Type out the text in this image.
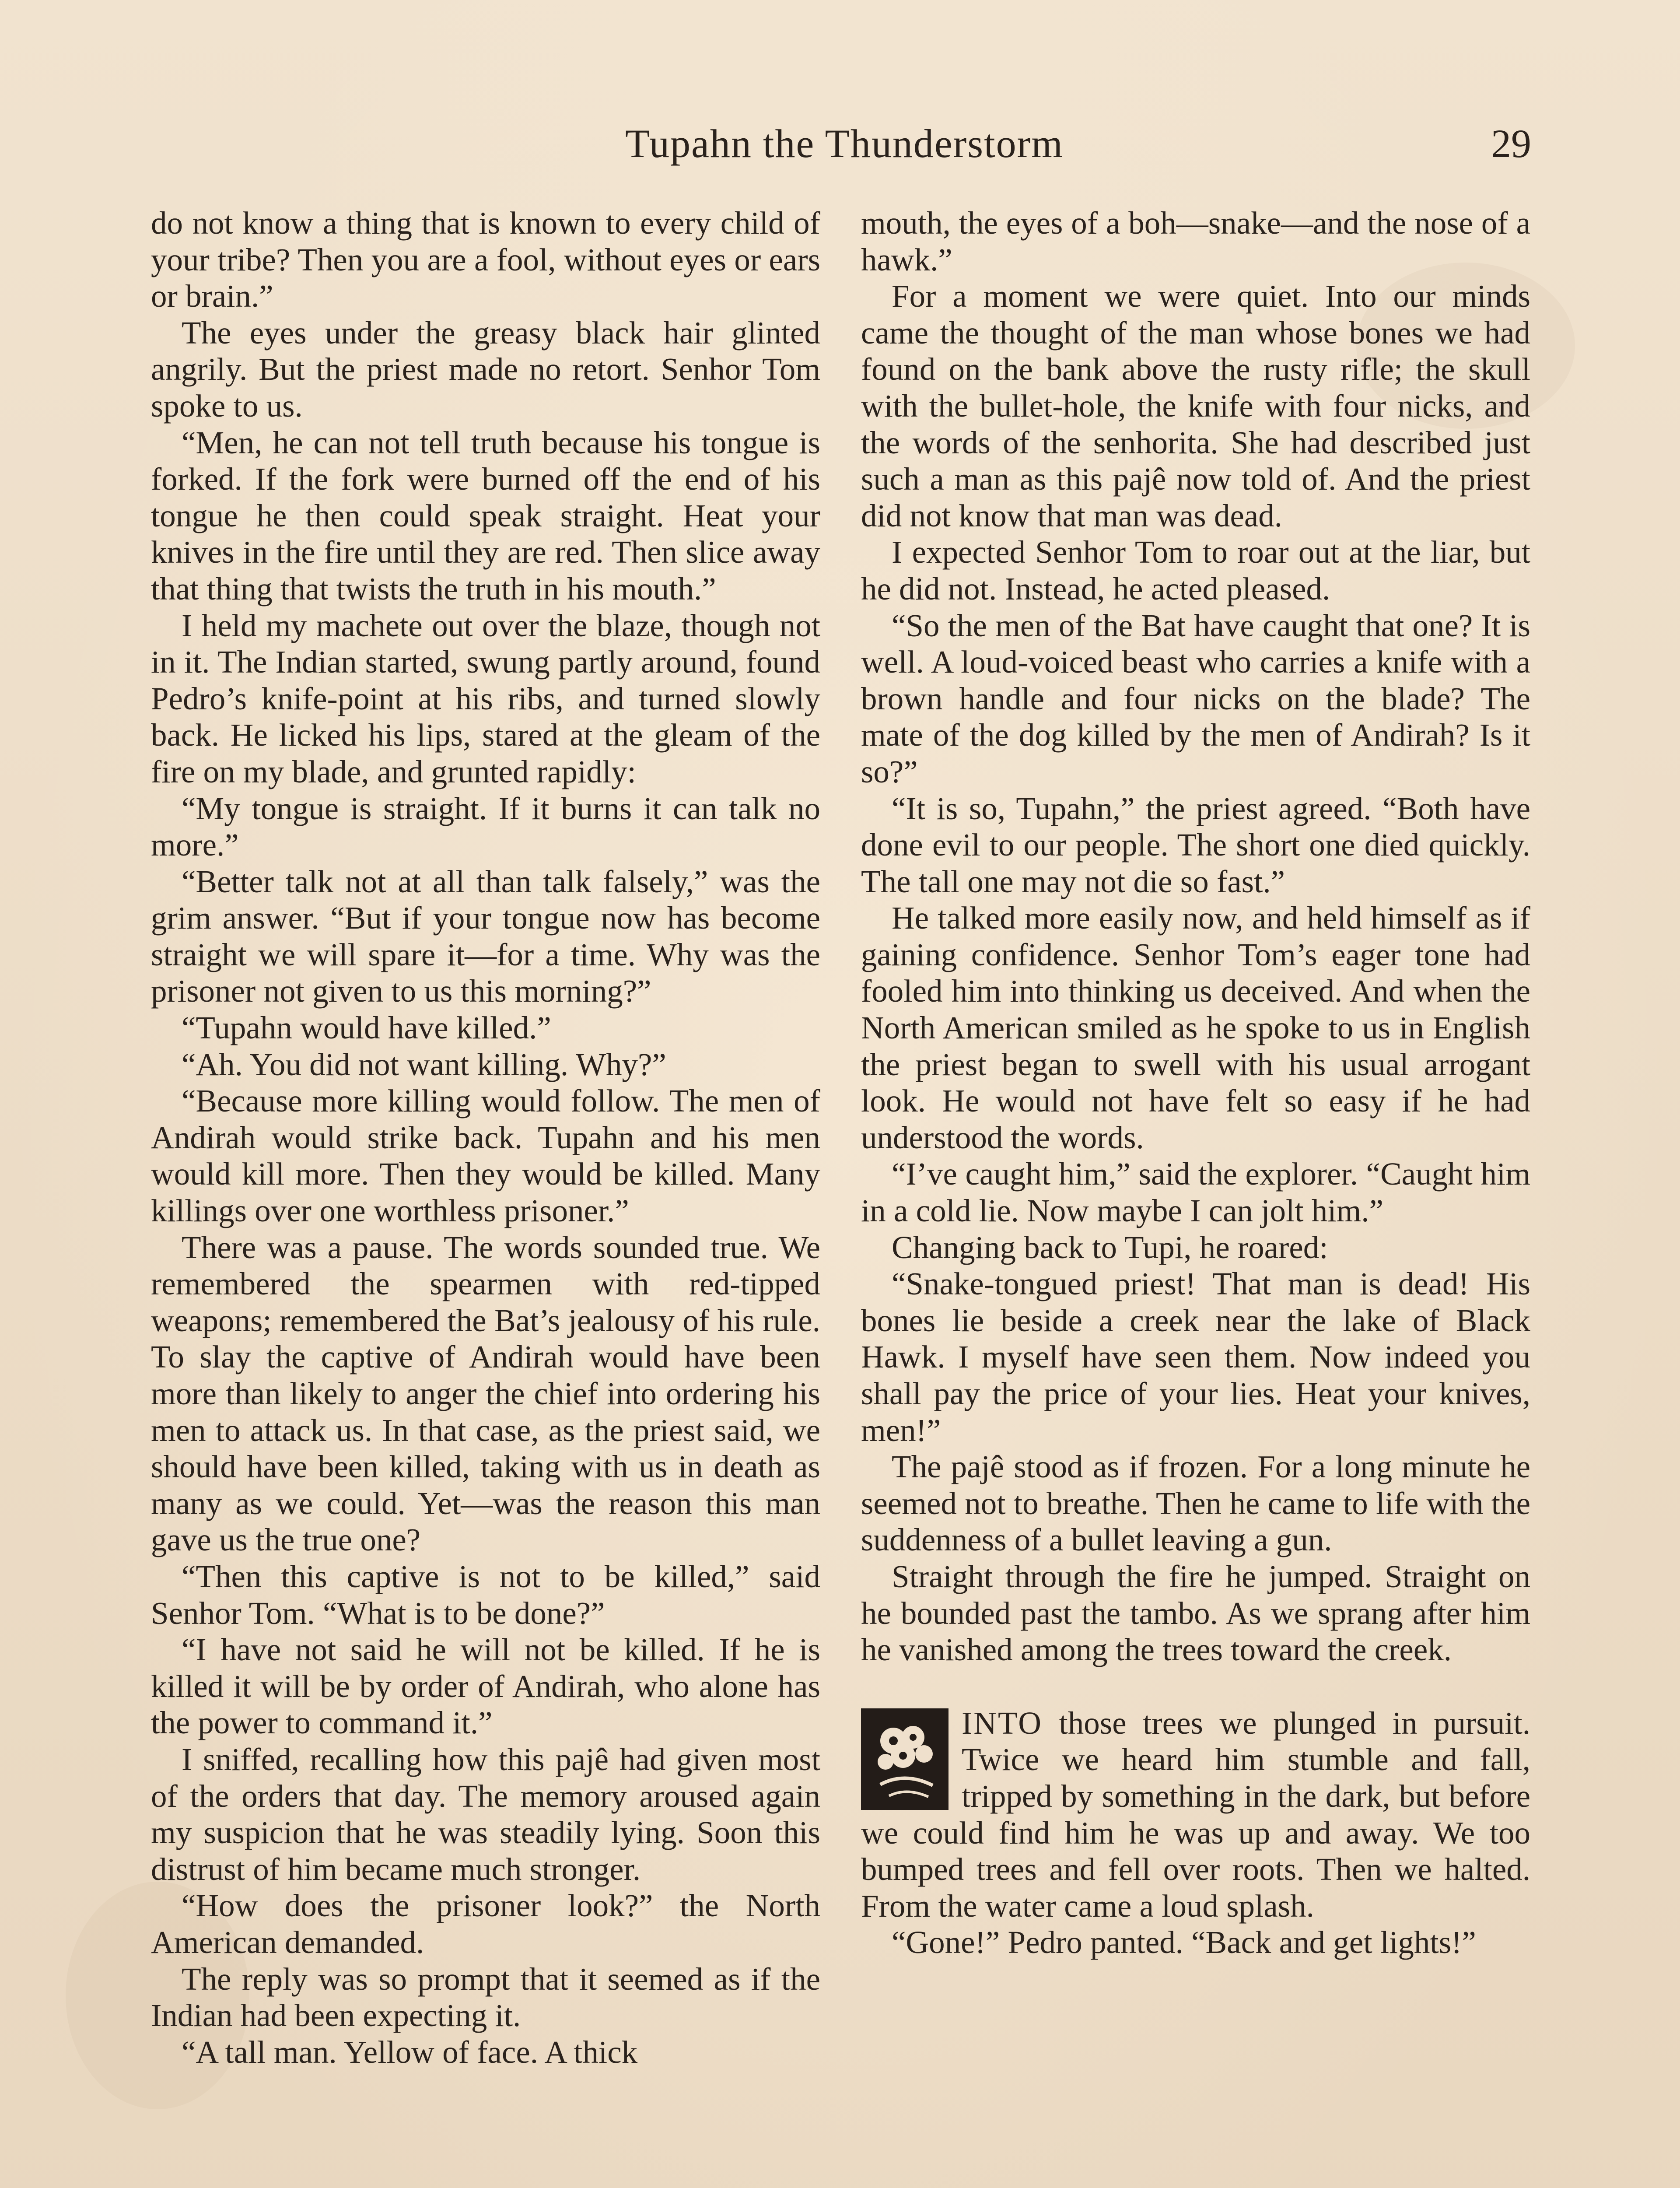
Tupahn the Thunderstorm	29

do not know a thing that is known to every child of your tribe? Then you are a fool, without eyes or ears or brain.”

The eyes under the greasy black hair glinted angrily. But the priest made no retort. Senhor Tom spoke to us.

“Men, he can not tell truth because his tongue is forked. If the fork were burned off the end of his tongue he then could speak straight. Heat your knives in the fire until they are red. Then slice away that thing that twists the truth in his mouth.”

I held my machete out over the blaze, though not in it. The Indian started, swung partly around, found Pedro’s knife-point at his ribs, and turned slowly back. He licked his lips, stared at the gleam of the fire on my blade, and grunted rapidly:

“My tongue is straight. If it burns it can talk no more.”

“Better talk not at all than talk falsely,” was the grim answer. “But if your tongue now has become straight we will spare it—for a time. Why was the prisoner not given to us this morning?”

“Tupahn would have killed.”

“Ah. You did not want killing. Why?”

“Because more killing would follow. The men of Andirah would strike back. Tupahn and his men would kill more. Then they would be killed. Many killings over one worthless prisoner.”

There was a pause. The words sounded true. We remembered the spearmen with red-tipped weapons; remembered the Bat’s jealousy of his rule. To slay the captive of Andirah would have been more than likely to anger the chief into ordering his men to attack us. In that case, as the priest said, we should have been killed, taking with us in death as many as we could. Yet—was the reason this man gave us the true one?

“Then this captive is not to be killed,” said Senhor Tom. “What is to be done?”

“I have not said he will not be killed. If he is killed it will be by order of Andirah, who alone has the power to command it.”

I sniffed, recalling how this pajê had given most of the orders that day. The memory aroused again my suspicion that he was steadily lying. Soon this distrust of him became much stronger.

“How does the prisoner look?” the North American demanded.

The reply was so prompt that it seemed as if the Indian had been expecting it.

“A tall man. Yellow of face. A thick

mouth, the eyes of a boh—snake—and the nose of a hawk.”

For a moment we were quiet. Into our minds came the thought of the man whose bones we had found on the bank above the rusty rifle; the skull with the bullet-hole, the knife with four nicks, and the words of the senhorita. She had described just such a man as this pajê now told of. And the priest did not know that man was dead.

I expected Senhor Tom to roar out at the liar, but he did not. Instead, he acted pleased.

“So the men of the Bat have caught that one? It is well. A loud-voiced beast who carries a knife with a brown handle and four nicks on the blade? The mate of the dog killed by the men of Andirah? Is it so?”

“It is so, Tupahn,” the priest agreed. “Both have done evil to our people. The short one died quickly. The tall one may not die so fast.”

He talked more easily now, and held himself as if gaining confidence. Senhor Tom’s eager tone had fooled him into thinking us deceived. And when the North American smiled as he spoke to us in English the priest began to swell with his usual arrogant look. He would not have felt so easy if he had understood the words.

“I’ve caught him,” said the explorer. “Caught him in a cold lie. Now maybe I can jolt him.”

Changing back to Tupi, he roared:

“Snake-tongued priest! That man is dead! His bones lie beside a creek near the lake of Black Hawk. I myself have seen them. Now indeed you shall pay the price of your lies. Heat your knives, men!”

The pajê stood as if frozen. For a long minute he seemed not to breathe. Then he came to life with the suddenness of a bullet leaving a gun.

Straight through the fire he jumped. Straight on he bounded past the tambo. As we sprang after him he vanished among the trees toward the creek.

INTO those trees we plunged in pursuit. Twice we heard him stumble and fall, tripped by something in the dark, but before we could find him he was up and away. We too bumped trees and fell over roots. Then we halted. From the water came a loud splash.

“Gone!” Pedro panted. “Back and get lights!”
